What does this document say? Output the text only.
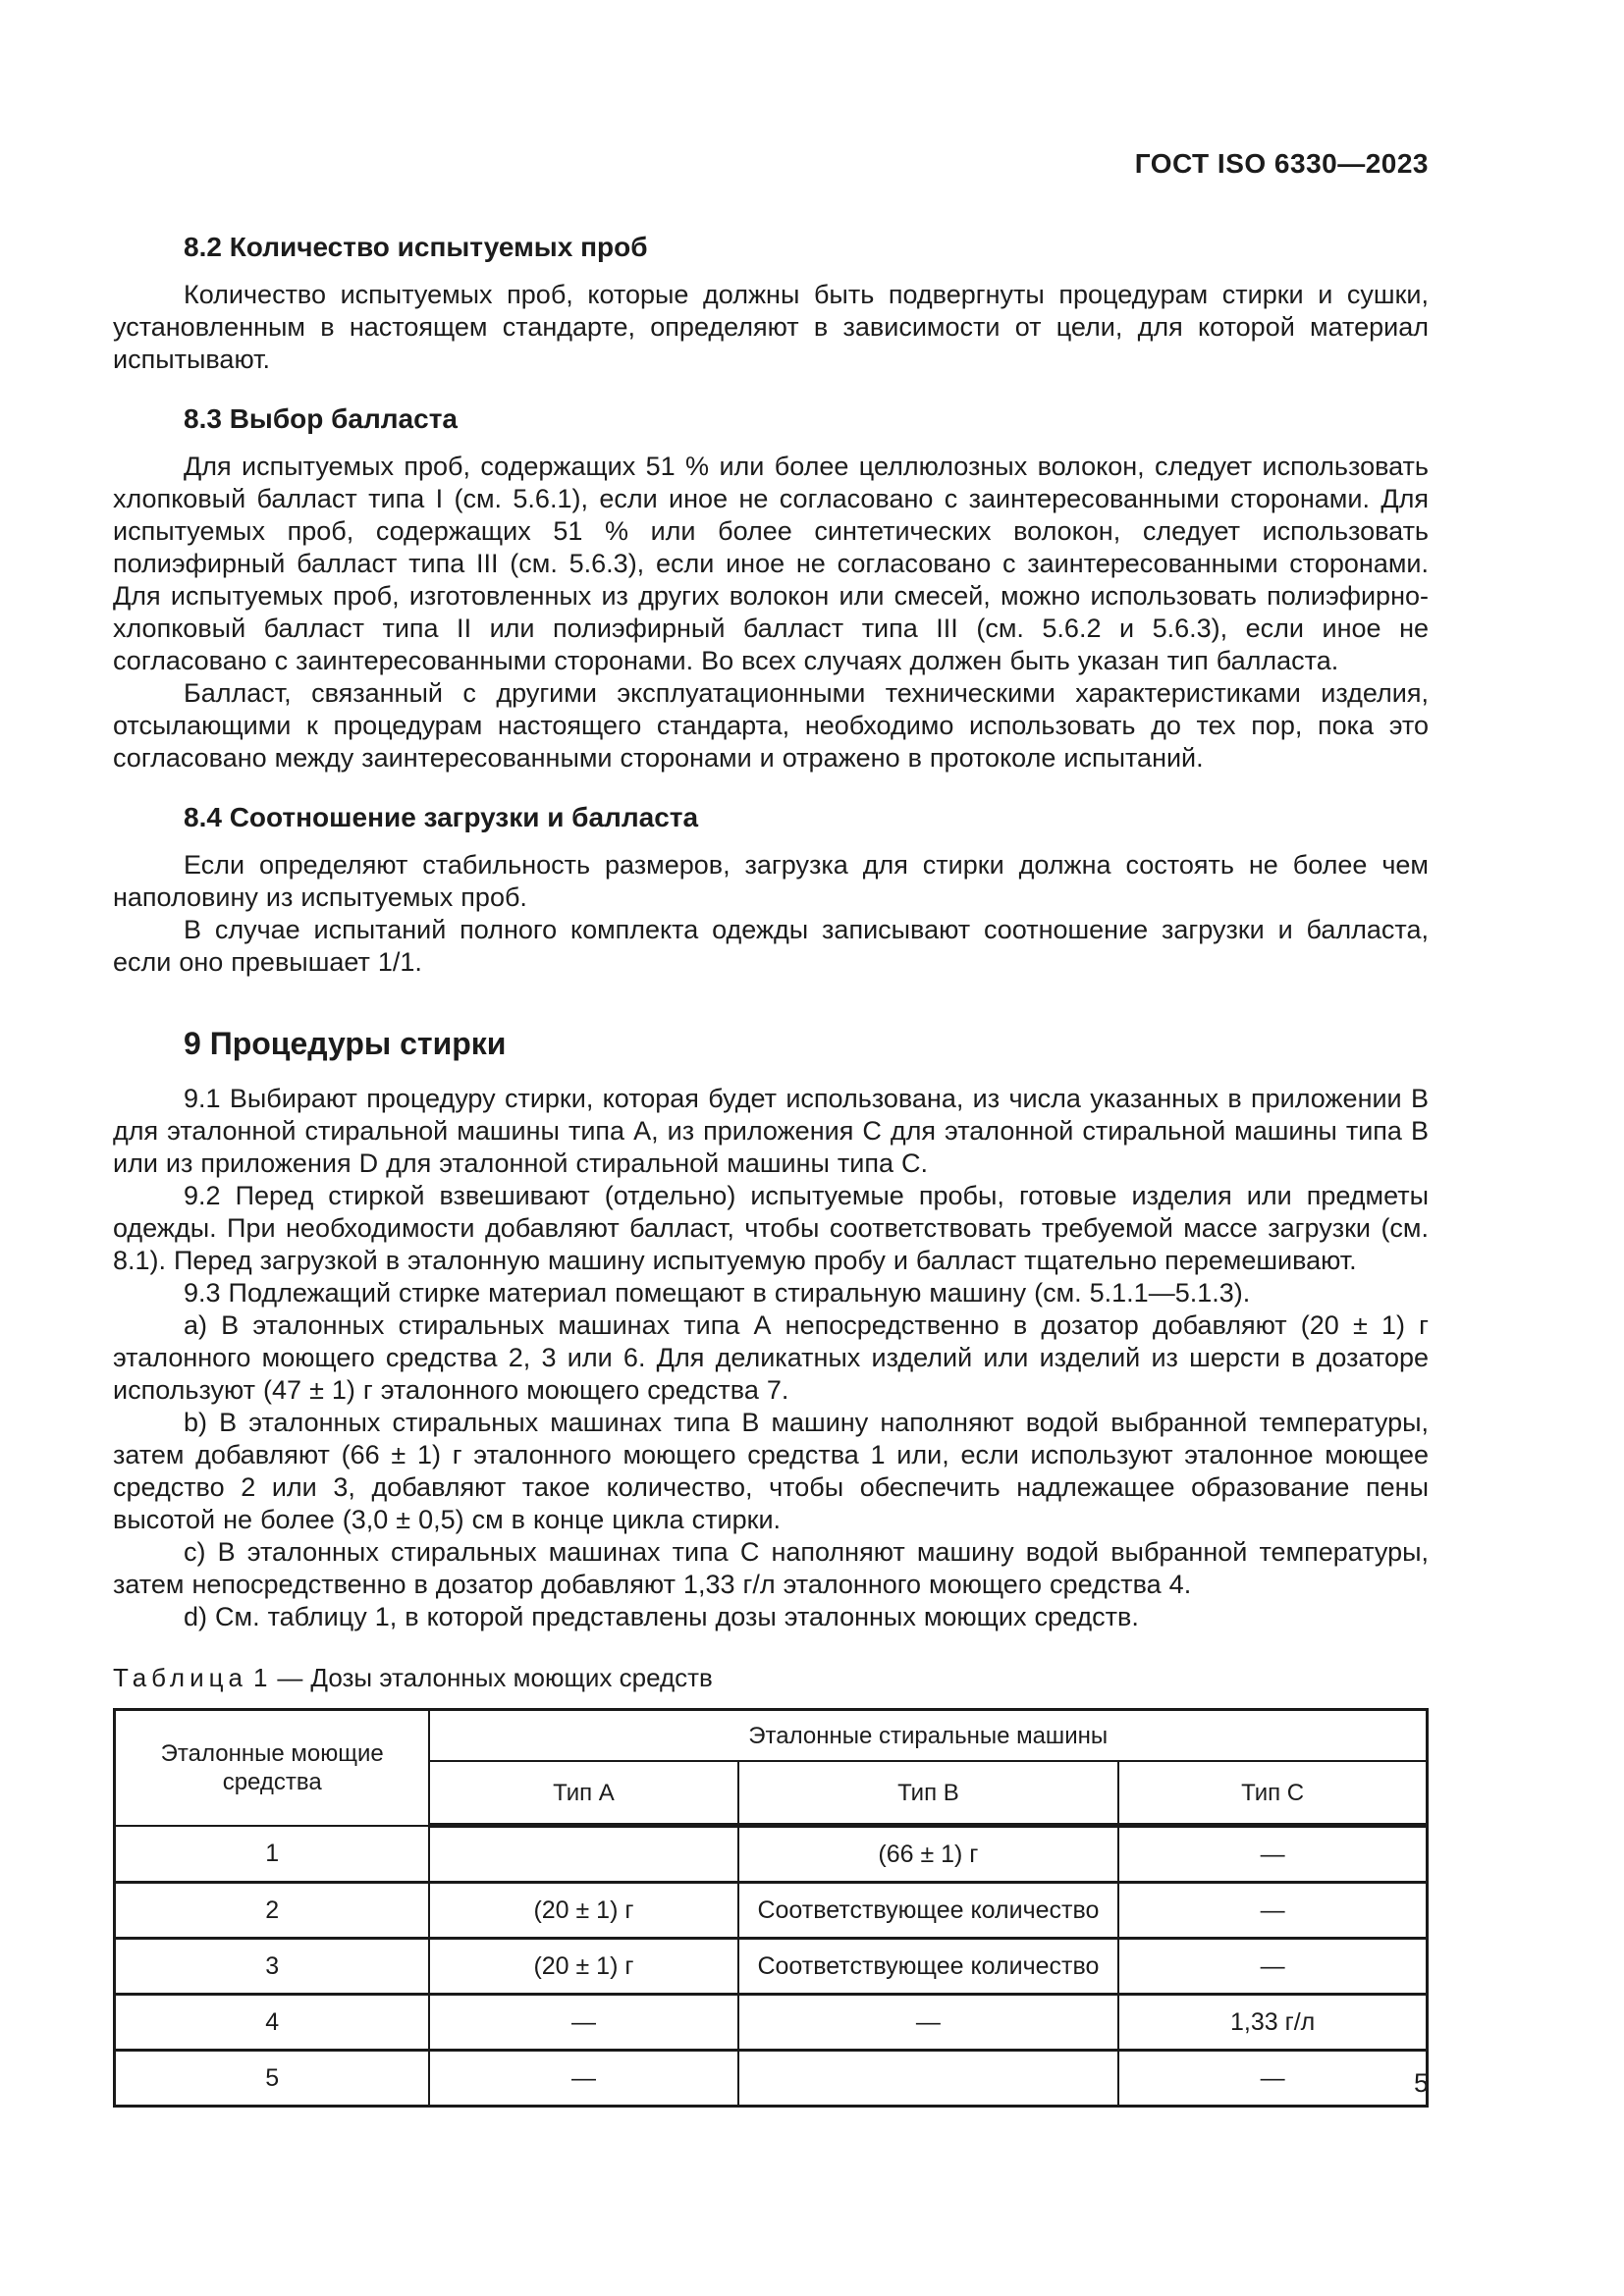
ГОСТ ISO 6330—2023
8.2 Количество испытуемых проб

Количество испытуемых проб, которые должны быть подвергнуты процедурам стирки и сушки, установленным в настоящем стандарте, определяют в зависимости от цели, для которой материал испытывают.

8.3 Выбор балласта

Для испытуемых проб, содержащих 51 % или более целлюлозных волокон, следует использовать хлопковый балласт типа I (см. 5.6.1), если иное не согласовано с заинтересованными сторонами. Для испытуемых проб, содержащих 51 % или более синтетических волокон, следует использовать полиэфирный балласт типа III (см. 5.6.3), если иное не согласовано с заинтересованными сторонами. Для испытуемых проб, изготовленных из других волокон или смесей, можно использовать полиэфирно-хлопковый балласт типа II или полиэфирный балласт типа III (см. 5.6.2 и 5.6.3), если иное не согласовано с заинтересованными сторонами. Во всех случаях должен быть указан тип балласта.

Балласт, связанный с другими эксплуатационными техническими характеристиками изделия, отсылающими к процедурам настоящего стандарта, необходимо использовать до тех пор, пока это согласовано между заинтересованными сторонами и отражено в протоколе испытаний.

8.4 Соотношение загрузки и балласта

Если определяют стабильность размеров, загрузка для стирки должна состоять не более чем наполовину из испытуемых проб.

В случае испытаний полного комплекта одежды записывают соотношение загрузки и балласта, если оно превышает 1/1.

9 Процедуры стирки

9.1 Выбирают процедуру стирки, которая будет использована, из числа указанных в приложении В для эталонной стиральной машины типа А, из приложения С для эталонной стиральной машины типа В или из приложения D для эталонной стиральной машины типа С.

9.2 Перед стиркой взвешивают (отдельно) испытуемые пробы, готовые изделия или предметы одежды. При необходимости добавляют балласт, чтобы соответствовать требуемой массе загрузки (см. 8.1). Перед загрузкой в эталонную машину испытуемую пробу и балласт тщательно перемешивают.

9.3 Подлежащий стирке материал помещают в стиральную машину (см. 5.1.1—5.1.3).

a) В эталонных стиральных машинах типа А непосредственно в дозатор добавляют (20 ± 1) г эталонного моющего средства 2, 3 или 6. Для деликатных изделий или изделий из шерсти в дозаторе используют (47 ± 1) г эталонного моющего средства 7.

b) В эталонных стиральных машинах типа В машину наполняют водой выбранной температуры, затем добавляют (66 ± 1) г эталонного моющего средства 1 или, если используют эталонное моющее средство 2 или 3, добавляют такое количество, чтобы обеспечить надлежащее образование пены высотой не более (3,0 ± 0,5) см в конце цикла стирки.

c) В эталонных стиральных машинах типа С наполняют машину водой выбранной температуры, затем непосредственно в дозатор добавляют 1,33 г/л эталонного моющего средства 4.

d) См. таблицу 1, в которой представлены дозы эталонных моющих средств.

Таблица 1 — Дозы эталонных моющих средств

Эталонные моющие средства	Эталонные стиральные машины		
	Тип А	Тип В	Тип С
1		(66 ± 1) г	—
2	(20 ± 1) г	Соответствующее количество	—
3	(20 ± 1) г	Соответствующее количество	—
4	—	—	1,33 г/л
5	—		—	5
